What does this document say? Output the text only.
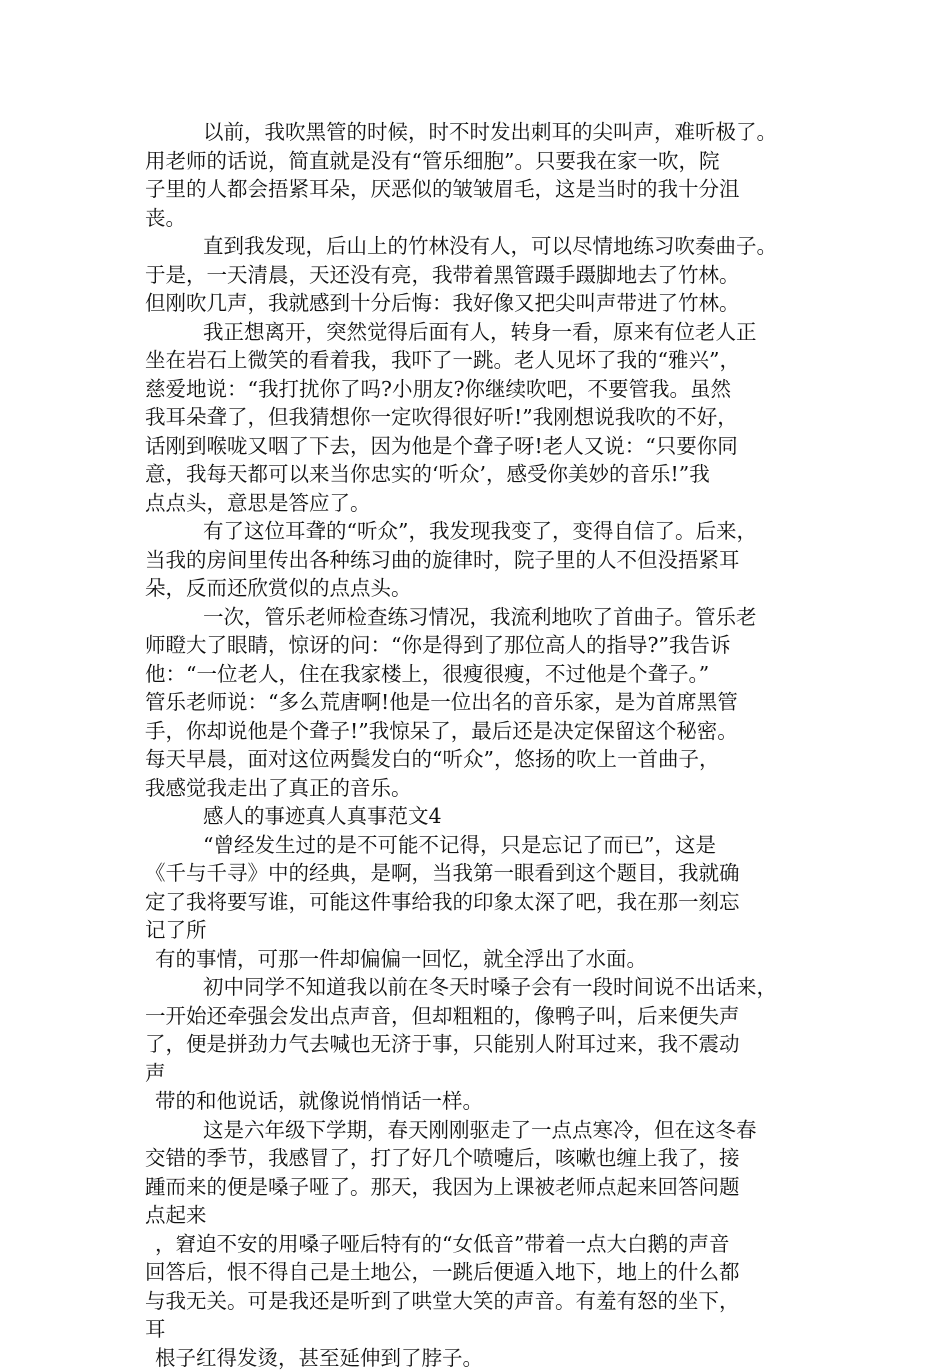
以前，我吹黑管的时候，时不时发出刺耳的尖叫声，难听极了。
用老师的话说，简直就是没有“管乐细胞”。只要我在家一吹，院
子里的人都会捂紧耳朵，厌恶似的皱皱眉毛，这是当时的我十分沮
丧。
直到我发现，后山上的竹林没有人，可以尽情地练习吹奏曲子。
于是，一天清晨，天还没有亮，我带着黑管蹑手蹑脚地去了竹林。
但刚吹几声，我就感到十分后悔：我好像又把尖叫声带进了竹林。
我正想离开，突然觉得后面有人，转身一看，原来有位老人正
坐在岩石上微笑的看着我，我吓了一跳。老人见坏了我的“雅兴”，
慈爱地说：“我打扰你了吗?小朋友?你继续吹吧，不要管我。虽然
我耳朵聋了，但我猜想你一定吹得很好听!”我刚想说我吹的不好，
话刚到喉咙又咽了下去，因为他是个聋子呀!老人又说：“只要你同
意，我每天都可以来当你忠实的‘听众’，感受你美妙的音乐!”我
点点头，意思是答应了。
有了这位耳聋的“听众”，我发现我变了，变得自信了。后来，
当我的房间里传出各种练习曲的旋律时，院子里的人不但没捂紧耳
朵，反而还欣赏似的点点头。
一次，管乐老师检查练习情况，我流利地吹了首曲子。管乐老
师瞪大了眼睛，惊讶的问：“你是得到了那位高人的指导?”我告诉
他：“一位老人，住在我家楼上，很瘦很瘦，不过他是个聋子。”
管乐老师说：“多么荒唐啊!他是一位出名的音乐家，是为首席黑管
手，你却说他是个聋子!”我惊呆了，最后还是决定保留这个秘密。
每天早晨，面对这位两鬓发白的“听众”，悠扬的吹上一首曲子，
我感觉我走出了真正的音乐。
感人的事迹真人真事范文4
“曾经发生过的是不可能不记得，只是忘记了而已”，这是
《千与千寻》中的经典，是啊，当我第一眼看到这个题目，我就确
定了我将要写谁，可能这件事给我的印象太深了吧，我在那一刻忘
记了所
有的事情，可那一件却偏偏一回忆，就全浮出了水面。
初中同学不知道我以前在冬天时嗓子会有一段时间说不出话来，
一开始还牵强会发出点声音，但却粗粗的，像鸭子叫，后来便失声
了，便是拼劲力气去喊也无济于事，只能别人附耳过来，我不震动
声
带的和他说话，就像说悄悄话一样。
这是六年级下学期，春天刚刚驱走了一点点寒冷，但在这冬春
交错的季节，我感冒了，打了好几个喷嚏后，咳嗽也缠上我了，接
踵而来的便是嗓子哑了。那天，我因为上课被老师点起来回答问题
点起来
，窘迫不安的用嗓子哑后特有的“女低音”带着一点大白鹅的声音
回答后，恨不得自己是土地公，一跳后便遁入地下，地上的什么都
与我无关。可是我还是听到了哄堂大笑的声音。有羞有怒的坐下，
耳
根子红得发烫，甚至延伸到了脖子。
